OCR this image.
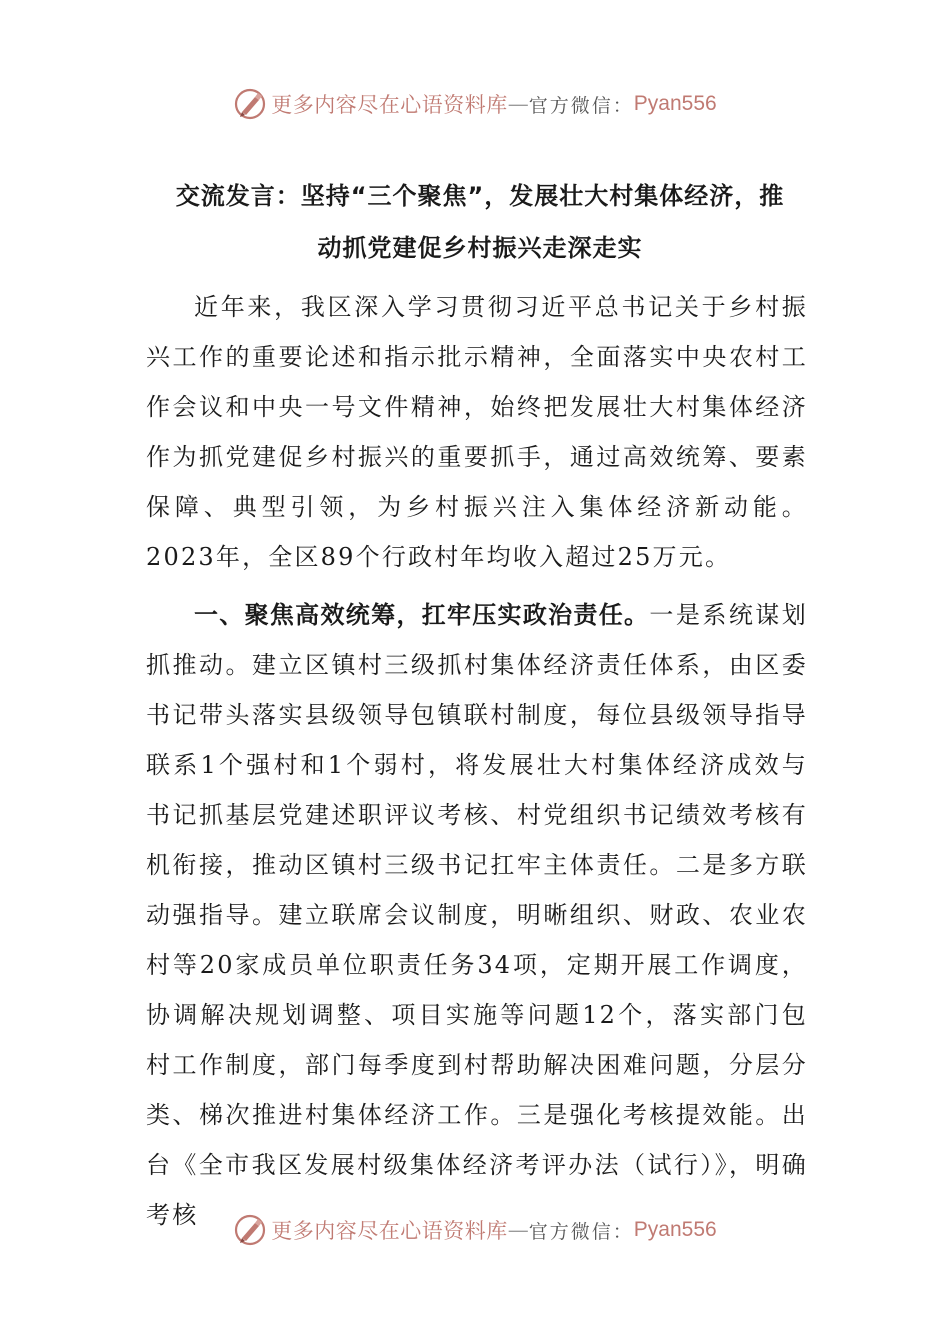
更多内容尽在心语资料库 — 官方微信： Pyan556
交流发言：坚持“三个聚焦”，发展壮大村集体经济，推
动抓党建促乡村振兴走深走实

近年来，我区深入学习贯彻习近平总书记关于乡村振兴工作的重要论述和指示批示精神，全面落实中央农村工作会议和中央一号文件精神，始终把发展壮大村集体经济作为抓党建促乡村振兴的重要抓手，通过高效统筹、要素保障、典型引领，为乡村振兴注入集体经济新动能。2023年，全区89个行政村年均收入超过25万元。

一、聚焦高效统筹，扛牢压实政治责任。一是系统谋划抓推动。建立区镇村三级抓村集体经济责任体系，由区委书记带头落实县级领导包镇联村制度，每位县级领导指导联系1个强村和1个弱村，将发展壮大村集体经济成效与书记抓基层党建述职评议考核、村党组织书记绩效考核有机衔接，推动区镇村三级书记扛牢主体责任。二是多方联动强指导。建立联席会议制度，明晰组织、财政、农业农村等20家成员单位职责任务34项，定期开展工作调度，协调解决规划调整、项目实施等问题12个，落实部门包村工作制度，部门每季度到村帮助解决困难问题，分层分类、梯次推进村集体经济工作。三是强化考核提效能。出台《全市我区发展村级集体经济考评办法（试行）》，明确考核

更多内容尽在心语资料库 — 官方微信： Pyan556
